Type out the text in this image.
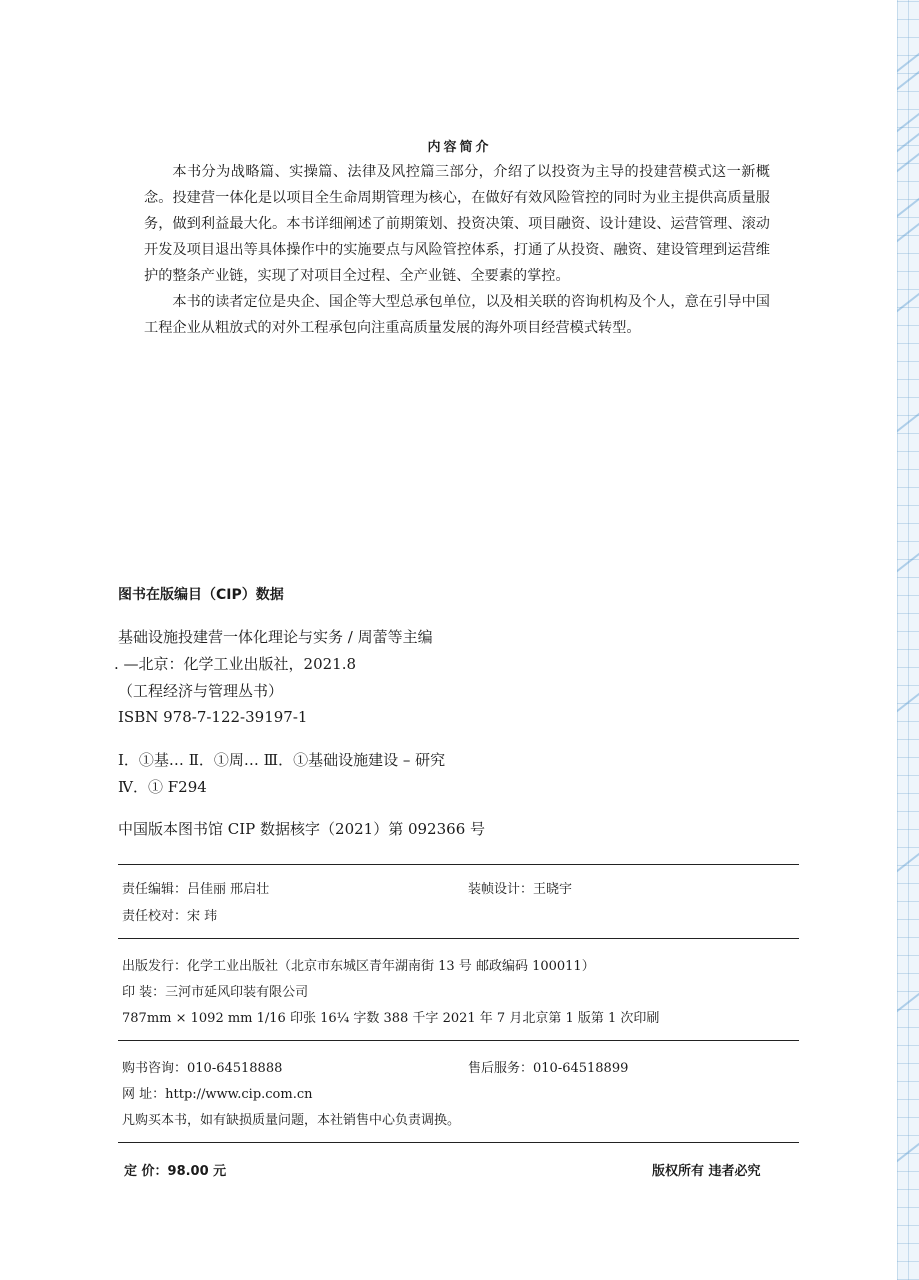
内容简介

本书分为战略篇、实操篇、法律及风控篇三部分，介绍了以投资为主导的投建营模式这一新概念。投建营一体化是以项目全生命周期管理为核心，在做好有效风险管控的同时为业主提供高质量服务，做到利益最大化。本书详细阐述了前期策划、投资决策、项目融资、设计建设、运营管理、滚动开发及项目退出等具体操作中的实施要点与风险管控体系，打通了从投资、融资、建设管理到运营维护的整条产业链，实现了对项目全过程、全产业链、全要素的掌控。

本书的读者定位是央企、国企等大型总承包单位，以及相关联的咨询机构及个人，意在引导中国工程企业从粗放式的对外工程承包向注重高质量发展的海外项目经营模式转型。

图书在版编目（CIP）数据
基础设施投建营一体化理论与实务 / 周蕾等主编
. —北京：化学工业出版社，2021.8
（工程经济与管理丛书）
ISBN 978-7-122-39197-1
Ⅰ．①基… Ⅱ．①周… Ⅲ．①基础设施建设 – 研究
Ⅳ．① F294
中国版本图书馆 CIP 数据核字（2021）第 092366 号
责任编辑：吕佳丽 邢启壮	装帧设计：王晓宇
责任校对：宋 玮
出版发行：化学工业出版社（北京市东城区青年湖南街 13 号 邮政编码 100011）
印 装：三河市延风印装有限公司
787mm × 1092 mm 1/16 印张 16¼ 字数 388 千字 2021 年 7 月北京第 1 版第 1 次印刷
购书咨询：010-64518888	售后服务：010-64518899
网 址：http://www.cip.com.cn
凡购买本书，如有缺损质量问题，本社销售中心负责调换。
定 价：98.00 元	版权所有 违者必究
